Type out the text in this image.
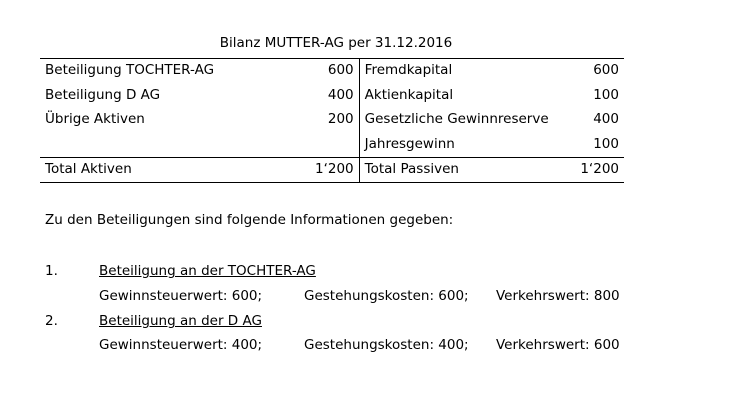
Bilanz MUTTER-AG per 31.12.2016
Beteiligung TOCHTER-AG	600	Fremdkapital	600
Beteiligung D AG	400	Aktienkapital	100
Übrige Aktiven	200	Gesetzliche Gewinnreserve	400
		Jahresgewinn	100
Total Aktiven	1‘200	Total Passiven	1‘200
Zu den Beteiligungen sind folgende Informationen gegeben:
1.	Beteiligung an der TOCHTER-AG
Gewinnsteuerwert: 600;	Gestehungskosten: 600; Verkehrswert: 800
2.	Beteiligung an der D AG
Gewinnsteuerwert: 400;	Gestehungskosten: 400; Verkehrswert: 600
